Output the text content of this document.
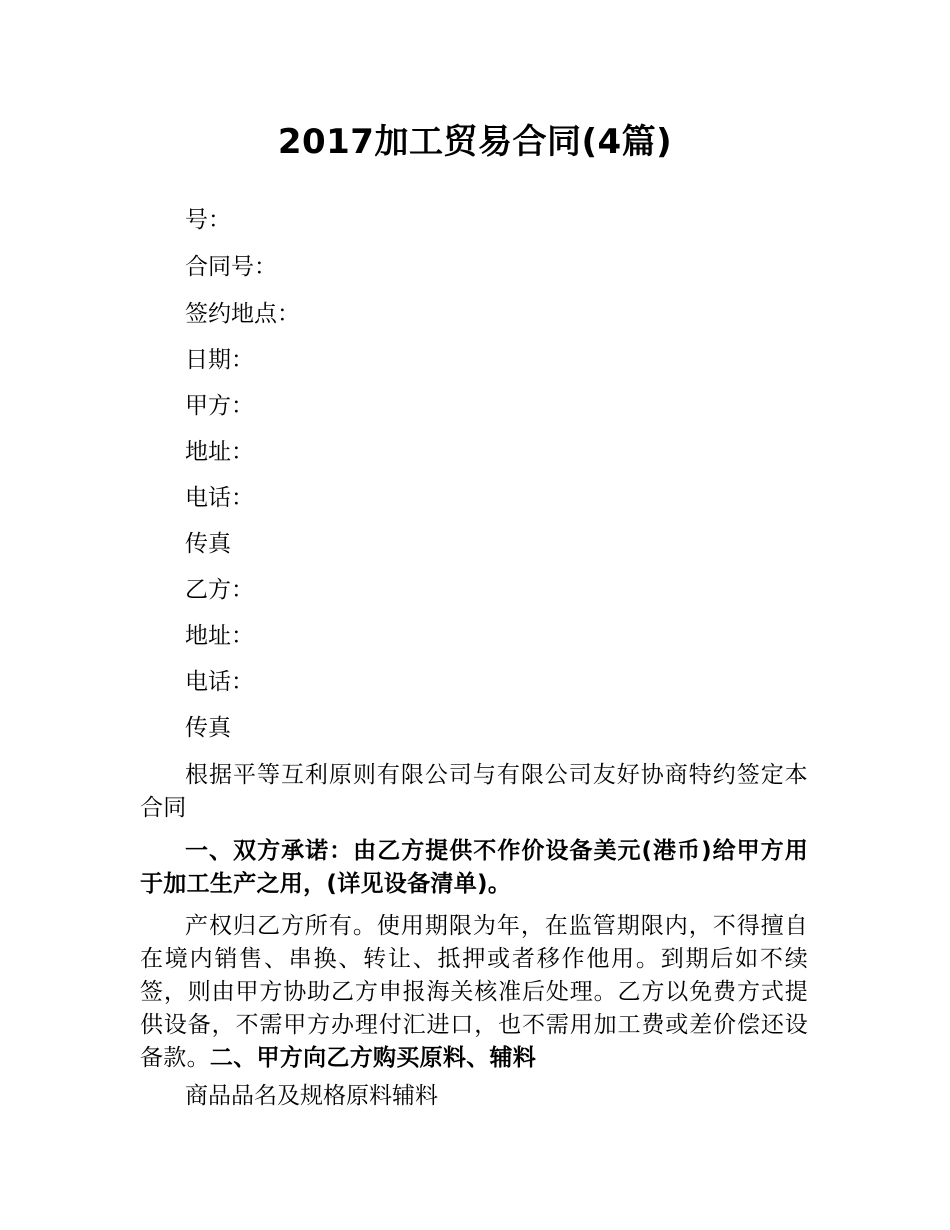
2017加工贸易合同(4篇)
号：
合同号：
签约地点：
日期：
甲方：
地址：
电话：
传真
乙方：
地址：
电话：
传真
根据平等互利原则有限公司与有限公司友好协商特约签定本合同
一、双方承诺：由乙方提供不作价设备美元(港币)给甲方用于加工生产之用，(详见设备清单)。
产权归乙方所有。使用期限为年，在监管期限内，不得擅自在境内销售、串换、转让、抵押或者移作他用。到期后如不续签，则由甲方协助乙方申报海关核准后处理。乙方以免费方式提供设备，不需甲方办理付汇进口，也不需用加工费或差价偿还设备款。二、甲方向乙方购买原料、辅料
商品品名及规格原料辅料
